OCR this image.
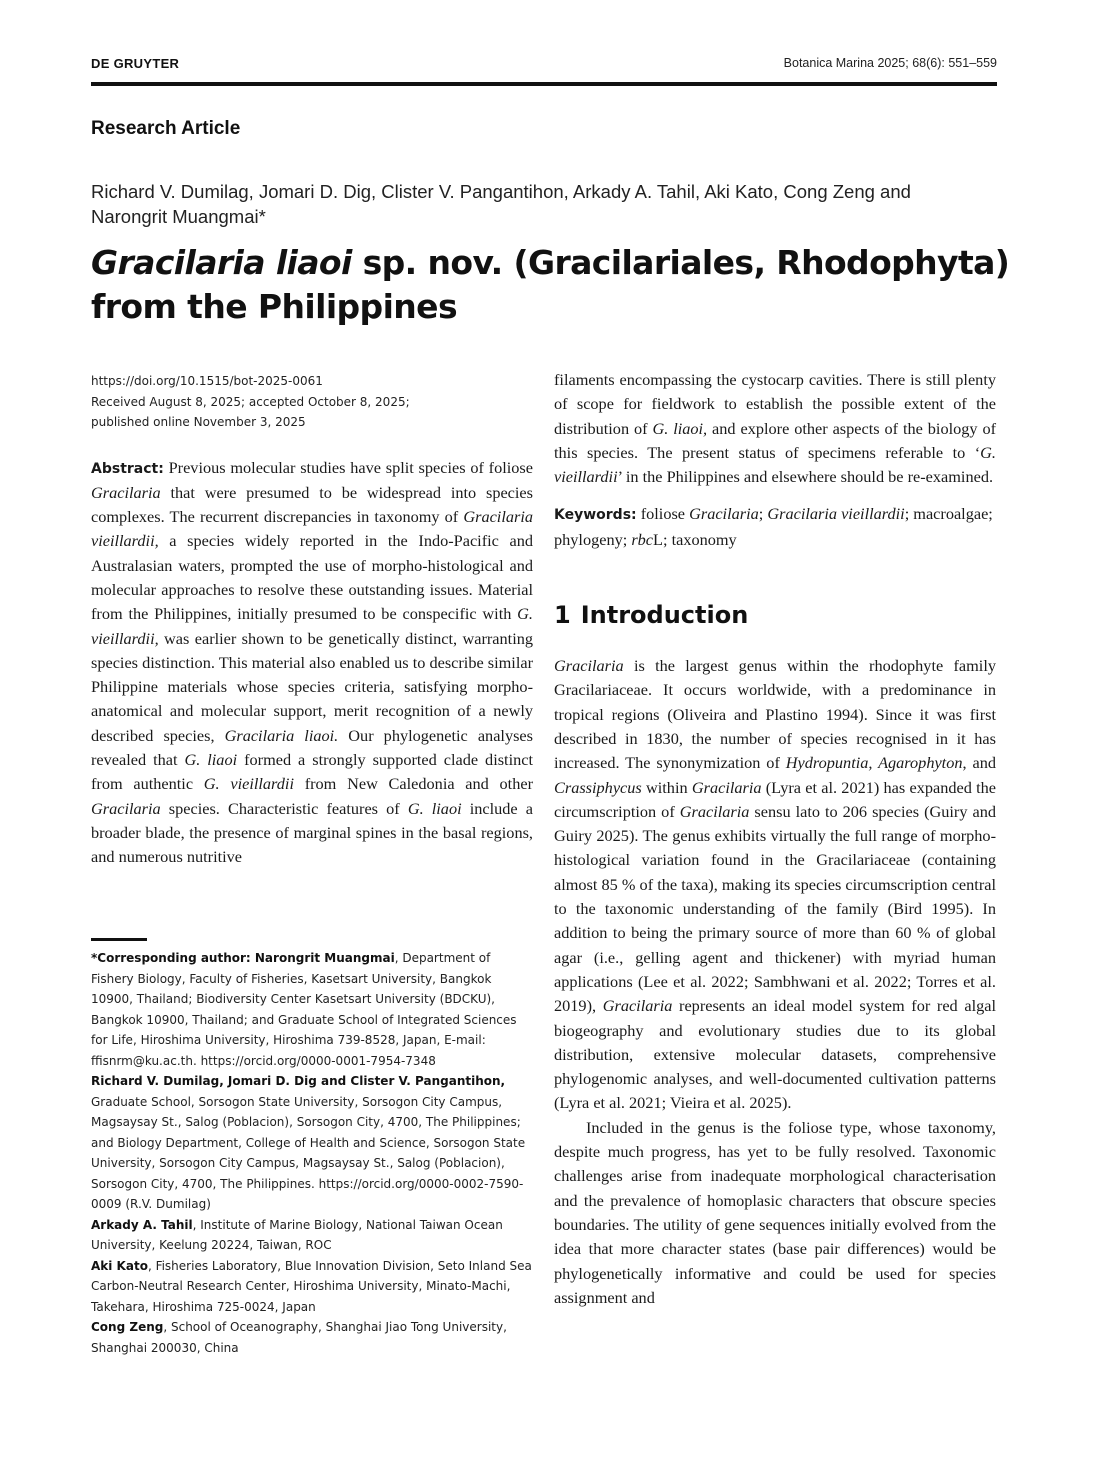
DE GRUYTER	Botanica Marina 2025; 68(6): 551–559
Research Article
Richard V. Dumilag, Jomari D. Dig, Clister V. Pangantihon, Arkady A. Tahil, Aki Kato, Cong Zeng and Narongrit Muangmai*
Gracilaria liaoi sp. nov. (Gracilariales, Rhodophyta)
from the Philippines
https://doi.org/10.1515/bot-2025-0061
Received August 8, 2025; accepted October 8, 2025;
published online November 3, 2025

Abstract: Previous molecular studies have split species of foliose Gracilaria that were presumed to be widespread into species complexes. The recurrent discrepancies in taxonomy of Gracilaria vieillardii, a species widely reported in the Indo-Pacific and Australasian waters, prompted the use of morpho-histological and molecular approaches to resolve these outstanding issues. Material from the Philippines, initially presumed to be conspecific with G. vieillardii, was earlier shown to be genetically distinct, warranting species distinction. This material also enabled us to describe similar Philippine materials whose species criteria, satisfying morpho-anatomical and molecular support, merit recognition of a newly described species, Gracilaria liaoi. Our phylogenetic analyses revealed that G. liaoi formed a strongly supported clade distinct from authentic G. vieillardii from New Caledonia and other Gracilaria species. Characteristic features of G. liaoi include a broader blade, the presence of marginal spines in the basal regions, and numerous nutritive

*Corresponding author: Narongrit Muangmai, Department of Fishery Biology, Faculty of Fisheries, Kasetsart University, Bangkok 10900, Thailand; Biodiversity Center Kasetsart University (BDCKU), Bangkok 10900, Thailand; and Graduate School of Integrated Sciences for Life, Hiroshima University, Hiroshima 739-8528, Japan, E-mail: ffisnrm@ku.ac.th. https://orcid.org/0000-0001-7954-7348

Richard V. Dumilag, Jomari D. Dig and Clister V. Pangantihon, Graduate School, Sorsogon State University, Sorsogon City Campus, Magsaysay St., Salog (Poblacion), Sorsogon City, 4700, The Philippines; and Biology Department, College of Health and Science, Sorsogon State University, Sorsogon City Campus, Magsaysay St., Salog (Poblacion), Sorsogon City, 4700, The Philippines. https://orcid.org/0000-0002-7590-0009 (R.V. Dumilag)

Arkady A. Tahil, Institute of Marine Biology, National Taiwan Ocean University, Keelung 20224, Taiwan, ROC

Aki Kato, Fisheries Laboratory, Blue Innovation Division, Seto Inland Sea Carbon-Neutral Research Center, Hiroshima University, Minato-Machi, Takehara, Hiroshima 725-0024, Japan

Cong Zeng, School of Oceanography, Shanghai Jiao Tong University, Shanghai 200030, China

filaments encompassing the cystocarp cavities. There is still plenty of scope for fieldwork to establish the possible extent of the distribution of G. liaoi, and explore other aspects of the biology of this species. The present status of specimens referable to ‘G. vieillardii’ in the Philippines and elsewhere should be re-examined.

Keywords: foliose Gracilaria; Gracilaria vieillardii; macroalgae; phylogeny; rbcL; taxonomy

1 Introduction

Gracilaria is the largest genus within the rhodophyte family Gracilariaceae. It occurs worldwide, with a predominance in tropical regions (Oliveira and Plastino 1994). Since it was first described in 1830, the number of species recognised in it has increased. The synonymization of Hydropuntia, Agarophyton, and Crassiphycus within Gracilaria (Lyra et al. 2021) has expanded the circumscription of Gracilaria sensu lato to 206 species (Guiry and Guiry 2025). The genus exhibits virtually the full range of morpho-histological variation found in the Gracilariaceae (containing almost 85 % of the taxa), making its species circumscription central to the taxonomic understanding of the family (Bird 1995). In addition to being the primary source of more than 60 % of global agar (i.e., gelling agent and thickener) with myriad human applications (Lee et al. 2022; Sambhwani et al. 2022; Torres et al. 2019), Gracilaria represents an ideal model system for red algal biogeography and evolutionary studies due to its global distribution, extensive molecular datasets, comprehensive phylogenomic analyses, and well-documented cultivation patterns (Lyra et al. 2021; Vieira et al. 2025).

Included in the genus is the foliose type, whose taxonomy, despite much progress, has yet to be fully resolved. Taxonomic challenges arise from inadequate morphological characterisation and the prevalence of homoplasic characters that obscure species boundaries. The utility of gene sequences initially evolved from the idea that more character states (base pair differences) would be phylogenetically informative and could be used for species assignment and
